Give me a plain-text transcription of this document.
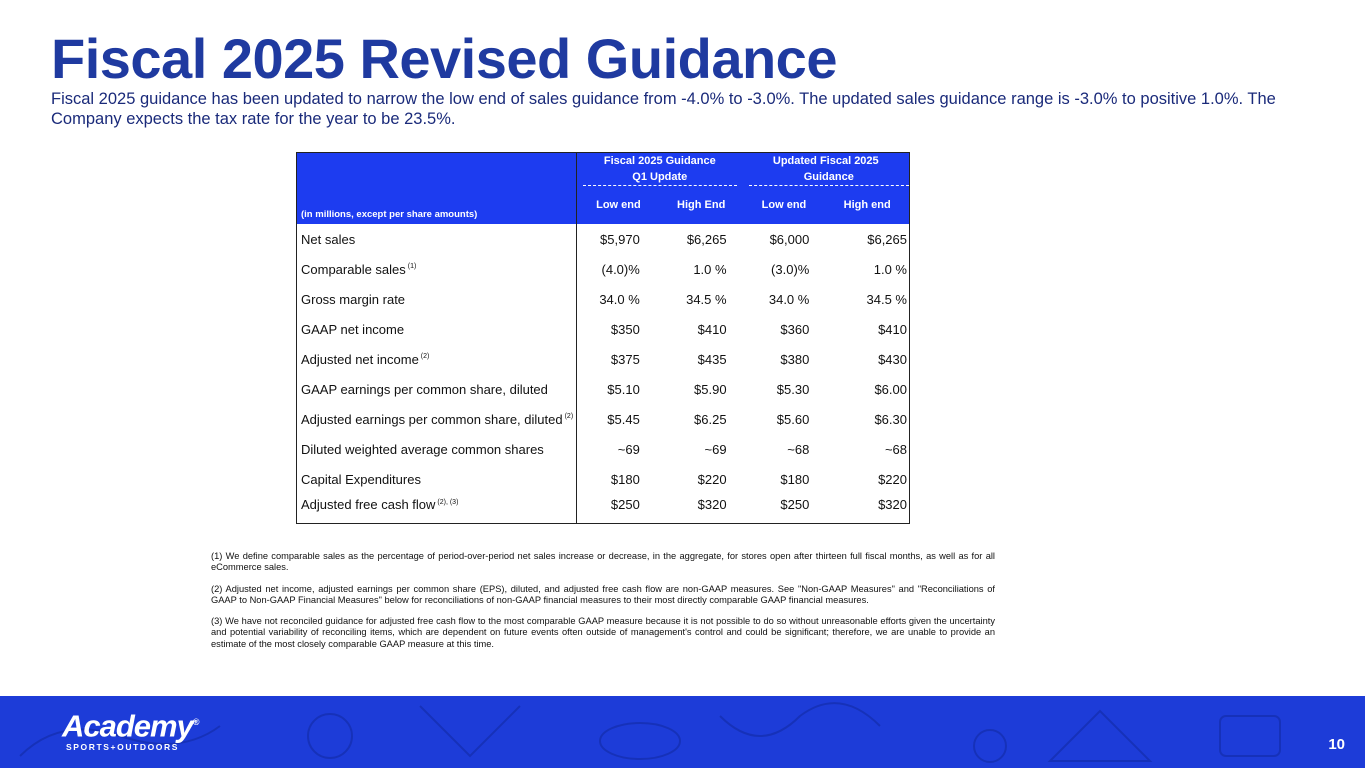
Fiscal 2025 Revised Guidance
Fiscal 2025 guidance has been updated to narrow the low end of sales guidance from -4.0% to -3.0%. The updated sales guidance range is -3.0% to positive 1.0%. The Company expects the tax rate for the year to be 23.5%.

	Fiscal 2025 Guidance
Q1 Update		Updated Fiscal 2025
Guidance	

(in millions, except per share amounts)	Low end	High End	Low end	High end
Net sales	$5,970	$6,265	$6,000	$6,265
Comparable sales $^{(1)}$	(4.0)%	1.0 %	(3.0)%	1.0 %
Gross margin rate	34.0 %	34.5 %	34.0 %	34.5 %
GAAP net income	$350	$410	$360	$410
Adjusted net income $^{(2)}$	$375	$435	$380	$430
GAAP earnings per common share, diluted	$5.10	$5.90	$5.30	$6.00
Adjusted earnings per common share, diluted $^{(2)}$	$5.45	$6.25	$5.60	$6.30
Diluted weighted average common shares	~69	~69	~68	~68
Capital Expenditures	$180	$220	$180	$220
Adjusted free cash flow $^{(2), (3)}$	$250	$320	$250	$320

(1) We define comparable sales as the percentage of period-over-period net sales increase or decrease, in the aggregate, for stores open after thirteen full fiscal months, as well as for all eCommerce sales.

(2) Adjusted net income, adjusted earnings per common share (EPS), diluted, and adjusted free cash flow are non-GAAP measures. See "Non-GAAP Measures" and "Reconciliations of GAAP to Non-GAAP Financial Measures" below for reconciliations of non-GAAP financial measures to their most directly comparable GAAP financial measures.

(3) We have not reconciled guidance for adjusted free cash flow to the most comparable GAAP measure because it is not possible to do so without unreasonable efforts given the uncertainty and potential variability of reconciling items, which are dependent on future events often outside of management's control and could be significant; therefore, we are unable to provide an estimate of the most closely comparable GAAP measure at this time.

Academy®
SPORTS+OUTDOORS	10
